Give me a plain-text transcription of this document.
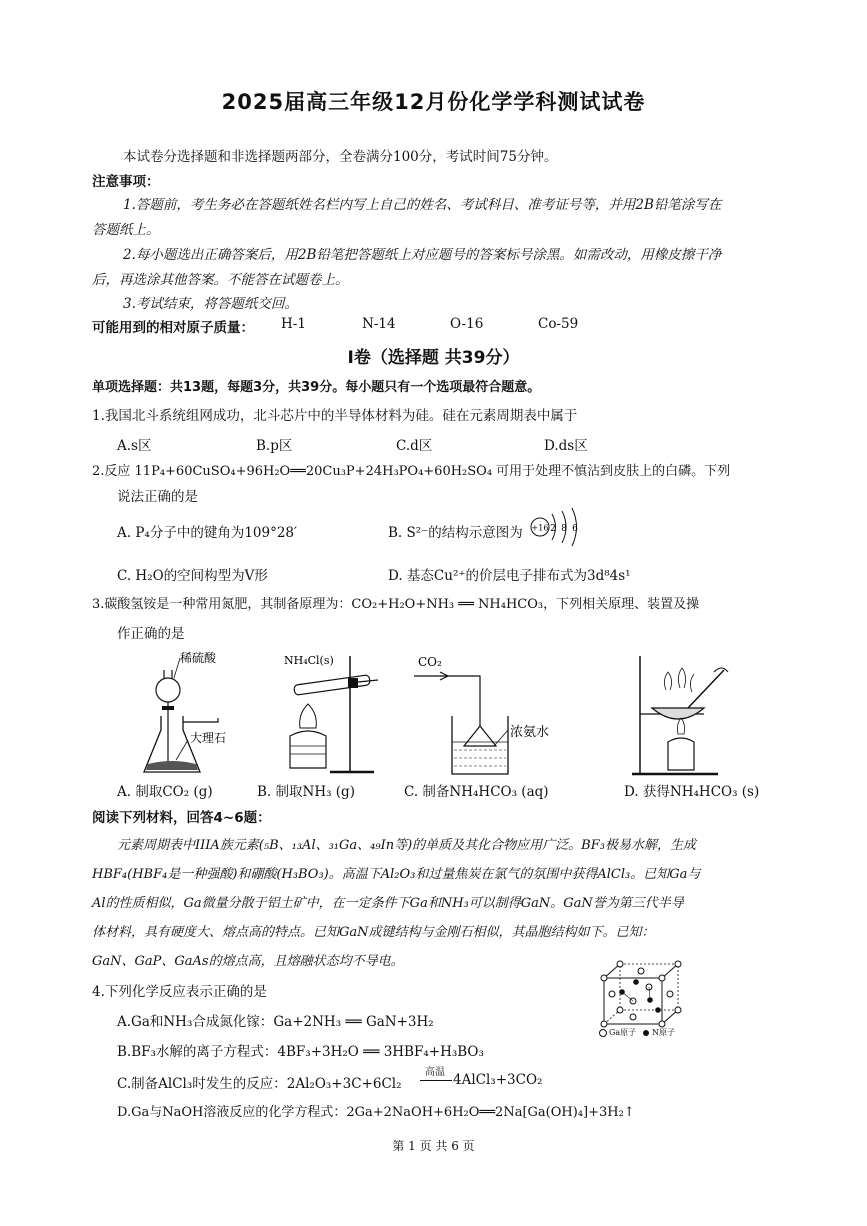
2025届高三年级12月份化学学科测试试卷
本试卷分选择题和非选择题两部分，全卷满分100分，考试时间75分钟。
注意事项：
1.答题前，考生务必在答题纸姓名栏内写上自己的姓名、考试科目、准考证号等，并用2B铅笔涂写在
答题纸上。
2.每小题选出正确答案后，用2B铅笔把答题纸上对应题号的答案标号涂黑。如需改动，用橡皮擦干净
后，再选涂其他答案。不能答在试题卷上。
3.考试结束，将答题纸交回。
可能用到的相对原子质量： H-1	N-14	O-16	Co-59
I卷（选择题 共39分）
单项选择题：共13题，每题3分，共39分。每小题只有一个选项最符合题意。
1.我国北斗系统组网成功，北斗芯片中的半导体材料为硅。硅在元素周期表中属于
A.s区	B.p区	C.d区	D.ds区
2.反应 11P₄+60CuSO₄+96H₂O══20Cu₃P+24H₃PO₄+60H₂SO₄ 可用于处理不慎沾到皮肤上的白磷。下列
说法正确的是
A. P₄分子中的键角为109°28′	B. S²⁻的结构示意图为 +16 2 8 6
C. H₂O的空间构型为V形	D. 基态Cu²⁺的价层电子排布式为3d⁸4s¹
3.碳酸氢铵是一种常用氮肥，其制备原理为：CO₂+H₂O+NH₃ ══ NH₄HCO₃，下列相关原理、装置及操
作正确的是
稀硫酸
大理石
NH₄Cl(s)	CO₂
浓氨水
A. 制取CO₂ (g)	B. 制取NH₃ (g)	C. 制备NH₄HCO₃ (aq)	D. 获得NH₄HCO₃ (s)
阅读下列材料，回答4~6题：
元素周期表中IIIA族元素(₅B、₁₃Al、₃₁Ga、₄₉In等)的单质及其化合物应用广泛。BF₃极易水解，生成
HBF₄(HBF₄是一种强酸)和硼酸(H₃BO₃)。高温下Al₂O₃和过量焦炭在氯气的氛围中获得AlCl₃。已知Ga与
Al的性质相似，Ga微量分散于铝土矿中，在一定条件下Ga和NH₃可以制得GaN。GaN誉为第三代半导
体材料，具有硬度大、熔点高的特点。已知GaN成键结构与金刚石相似，其晶胞结构如下。已知：
GaN、GaP、GaAs的熔点高，且熔融状态均不导电。
Ga原子 N原子
4.下列化学反应表示正确的是
A.Ga和NH₃合成氮化镓：Ga+2NH₃ ══ GaN+3H₂
B.BF₃水解的离子方程式：4BF₃+3H₂O ══ 3HBF₄+H₃BO₃
C.制备AlCl₃时发生的反应：2Al₂O₃+3C+6Cl₂
高温 4AlCl₃+3CO₂
D.Ga与NaOH溶液反应的化学方程式：2Ga+2NaOH+6H₂O══2Na[Ga(OH)₄]+3H₂↑
第 1 页 共 6 页
